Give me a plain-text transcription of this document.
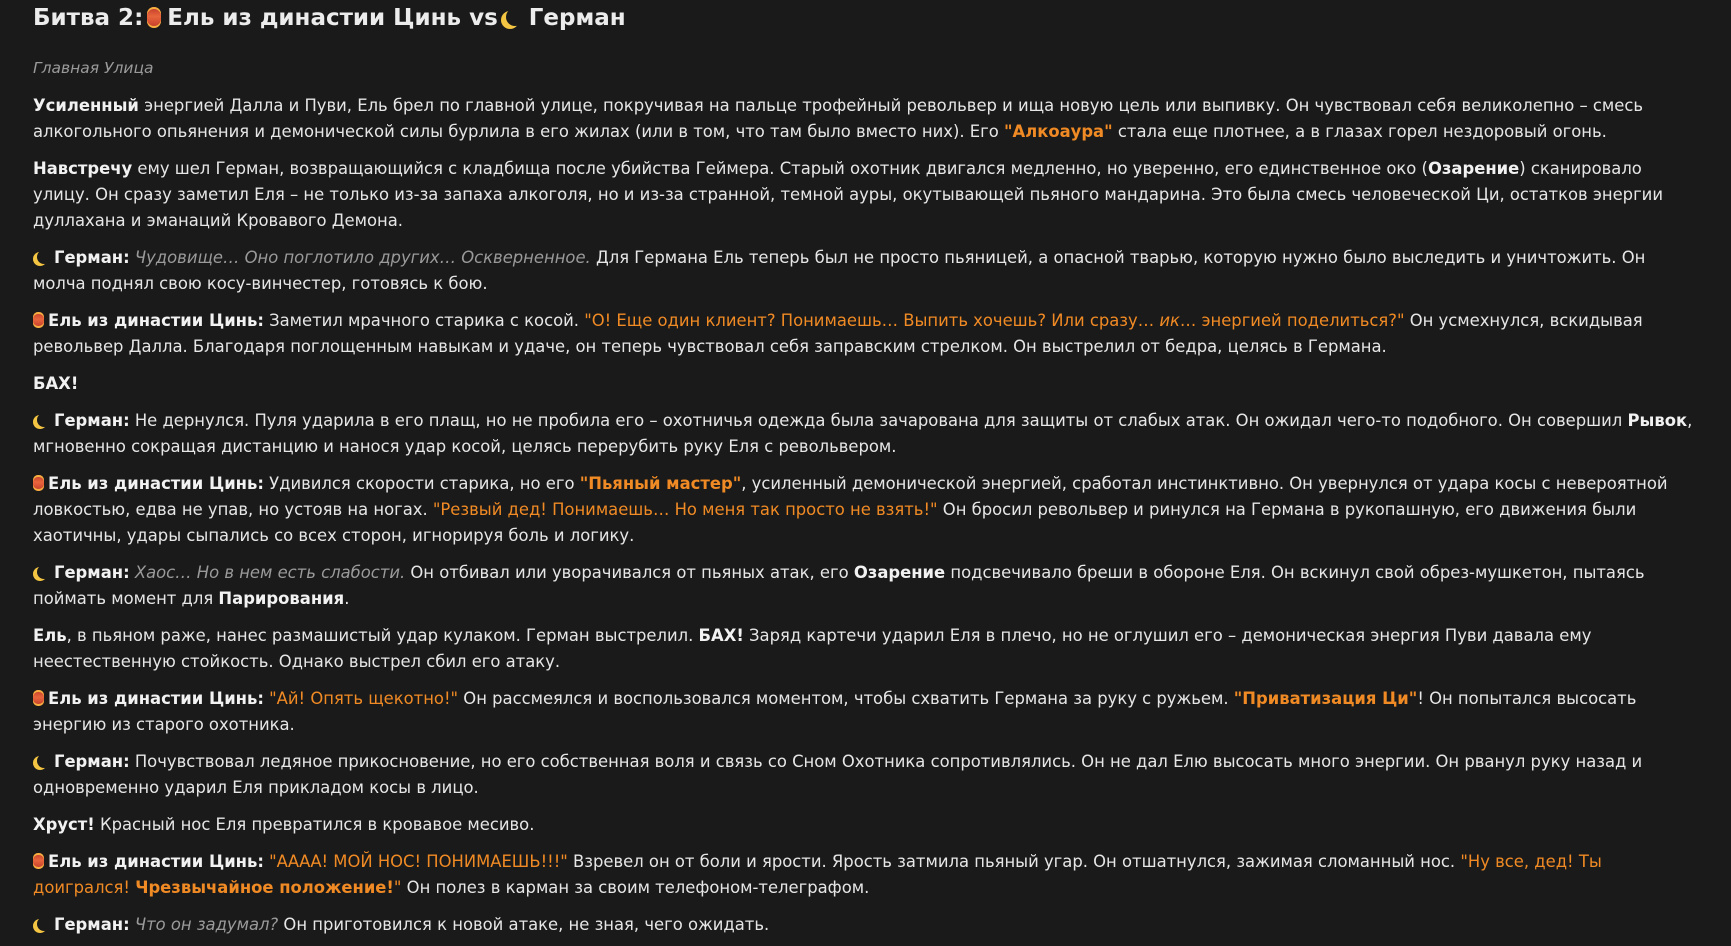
Битва 2: Ель из династии Цинь vs Герман
Главная Улица

Усиленный энергией Далла и Пуви, Ель брел по главной улице, покручивая на пальце трофейный револьвер и ища новую цель или выпивку. Он чувствовал себя великолепно – смесь алкогольного опьянения и демонической силы бурлила в его жилах (или в том, что там было вместо них). Его "Алкоаура" стала еще плотнее, а в глазах горел нездоровый огонь.

Навстречу ему шел Герман, возвращающийся с кладбища после убийства Геймера. Старый охотник двигался медленно, но уверенно, его единственное око (Озарение) сканировало улицу. Он сразу заметил Еля – не только из-за запаха алкоголя, но и из-за странной, темной ауры, окутывающей пьяного мандарина. Это была смесь человеческой Ци, остатков энергии дуллахана и эманаций Кровавого Демона.

Герман: Чудовище… Оно поглотило других… Оскверненное. Для Германа Ель теперь был не просто пьяницей, а опасной тварью, которую нужно было выследить и уничтожить. Он молча поднял свою косу-винчестер, готовясь к бою.

Ель из династии Цинь: Заметил мрачного старика с косой. "О! Еще один клиент? Понимаешь… Выпить хочешь? Или сразу… ик… энергией поделиться?" Он усмехнулся, вскидывая револьвер Далла. Благодаря поглощенным навыкам и удаче, он теперь чувствовал себя заправским стрелком. Он выстрелил от бедра, целясь в Германа.

БАХ!

Герман: Не дернулся. Пуля ударила в его плащ, но не пробила его – охотничья одежда была зачарована для защиты от слабых атак. Он ожидал чего-то подобного. Он совершил Рывок, мгновенно сокращая дистанцию и нанося удар косой, целясь перерубить руку Еля с револьвером.

Ель из династии Цинь: Удивился скорости старика, но его "Пьяный мастер", усиленный демонической энергией, сработал инстинктивно. Он увернулся от удара косы с невероятной ловкостью, едва не упав, но устояв на ногах. "Резвый дед! Понимаешь… Но меня так просто не взять!" Он бросил револьвер и ринулся на Германа в рукопашную, его движения были хаотичны, удары сыпались со всех сторон, игнорируя боль и логику.

Герман: Хаос… Но в нем есть слабости. Он отбивал или уворачивался от пьяных атак, его Озарение подсвечивало бреши в обороне Еля. Он вскинул свой обрез-мушкетон, пытаясь поймать момент для Парирования.

Ель, в пьяном раже, нанес размашистый удар кулаком. Герман выстрелил. БАХ! Заряд картечи ударил Еля в плечо, но не оглушил его – демоническая энергия Пуви давала ему неестественную стойкость. Однако выстрел сбил его атаку.

Ель из династии Цинь: "Ай! Опять щекотно!" Он рассмеялся и воспользовался моментом, чтобы схватить Германа за руку с ружьем. "Приватизация Ци"! Он попытался высосать энергию из старого охотника.

Герман: Почувствовал ледяное прикосновение, но его собственная воля и связь со Сном Охотника сопротивлялись. Он не дал Елю высосать много энергии. Он рванул руку назад и одновременно ударил Еля прикладом косы в лицо.

Хруст! Красный нос Еля превратился в кровавое месиво.

Ель из династии Цинь: "АААА! МОЙ НОС! ПОНИМАЕШЬ!!!" Взревел он от боли и ярости. Ярость затмила пьяный угар. Он отшатнулся, зажимая сломанный нос. "Ну все, дед! Ты доигрался! Чрезвычайное положение!" Он полез в карман за своим телефоном-телеграфом.

Герман: Что он задумал? Он приготовился к новой атаке, не зная, чего ожидать.
